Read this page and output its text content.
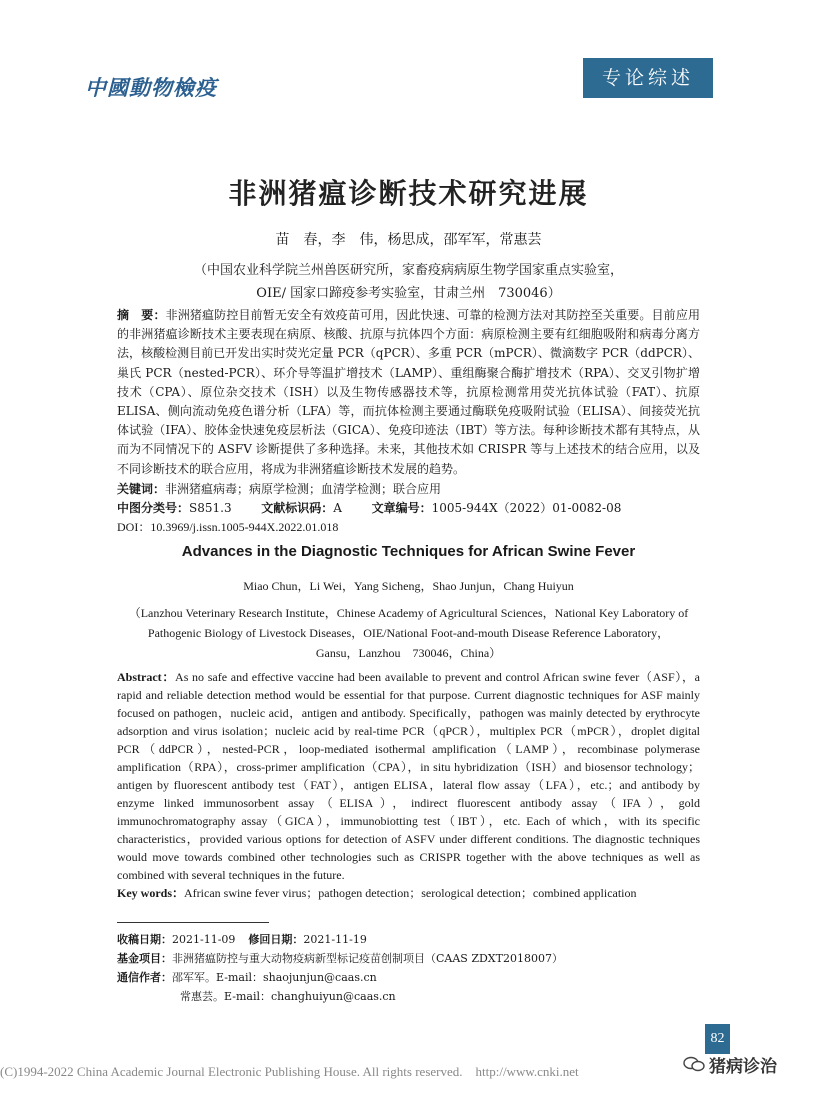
中國動物檢疫	专论综述
非洲猪瘟诊断技术研究进展
苗　春，李　伟，杨思成，邵军军，常惠芸
（中国农业科学院兰州兽医研究所，家畜疫病病原生物学国家重点实验室，
OIE/ 国家口蹄疫参考实验室，甘肃兰州　730046）
摘　要：非洲猪瘟防控目前暂无安全有效疫苗可用，因此快速、可靠的检测方法对其防控至关重要。目前应用的非洲猪瘟诊断技术主要表现在病原、核酸、抗原与抗体四个方面：病原检测主要有红细胞吸附和病毒分离方法，核酸检测目前已开发出实时荧光定量 PCR（qPCR）、多重 PCR（mPCR）、微滴数字 PCR（ddPCR）、巢氏 PCR（nested-PCR）、环介导等温扩增技术（LAMP）、重组酶聚合酶扩增技术（RPA）、交叉引物扩增技术（CPA）、原位杂交技术（ISH）以及生物传感器技术等，抗原检测常用荧光抗体试验（FAT）、抗原 ELISA、侧向流动免疫色谱分析（LFA）等，而抗体检测主要通过酶联免疫吸附试验（ELISA）、间接荧光抗体试验（IFA）、胶体金快速免疫层析法（GICA）、免疫印迹法（IBT）等方法。每种诊断技术都有其特点，从而为不同情况下的 ASFV 诊断提供了多种选择。未来，其他技术如 CRISPR 等与上述技术的结合应用，以及不同诊断技术的联合应用，将成为非洲猪瘟诊断技术发展的趋势。
关键词：非洲猪瘟病毒；病原学检测；血清学检测；联合应用
中图分类号：S851.3 文献标识码：A 文章编号：1005-944X（2022）01-0082-08
DOI：10.3969/j.issn.1005-944X.2022.01.018
Advances in the Diagnostic Techniques for African Swine Fever
Miao Chun，Li Wei，Yang Sicheng，Shao Junjun，Chang Huiyun
（Lanzhou Veterinary Research Institute，Chinese Academy of Agricultural Sciences，National Key Laboratory of
Pathogenic Biology of Livestock Diseases，OIE/National Foot-and-mouth Disease Reference Laboratory，
Gansu，Lanzhou　730046，China）
Abstract：As no safe and effective vaccine had been available to prevent and control African swine fever（ASF），a rapid and reliable detection method would be essential for that purpose. Current diagnostic techniques for ASF mainly focused on pathogen，nucleic acid，antigen and antibody. Specifically，pathogen was mainly detected by erythrocyte adsorption and virus isolation；nucleic acid by real-time PCR（qPCR），multiplex PCR（mPCR），droplet digital PCR（ddPCR），nested-PCR，loop-mediated isothermal amplification（LAMP），recombinase polymerase amplification（RPA），cross-primer amplification（CPA），in situ hybridization（ISH）and biosensor technology；antigen by fluorescent antibody test（FAT），antigen ELISA，lateral flow assay（LFA），etc.；and antibody by enzyme linked immunosorbent assay（ELISA），indirect fluorescent antibody assay（IFA），gold immunochromatography assay（GICA），immunobiotting test（IBT），etc. Each of which，with its specific characteristics，provided various options for detection of ASFV under different conditions. The diagnostic techniques would move towards combined other technologies such as CRISPR together with the above techniques as well as combined with several techniques in the future.
Key words：African swine fever virus；pathogen detection；serological detection；combined application
收稿日期：2021-11-09 修回日期：2021-11-19
基金项目：非洲猪瘟防控与重大动物疫病新型标记疫苗创制项目（CAAS ZDXT2018007）
通信作者：邵军军。E-mail：shaojunjun@caas.cn
常惠芸。E-mail：changhuiyun@caas.cn
82
(C)1994-2022 China Academic Journal Electronic Publishing House. All rights reserved.　http://www.cnki.net	猪病诊治
